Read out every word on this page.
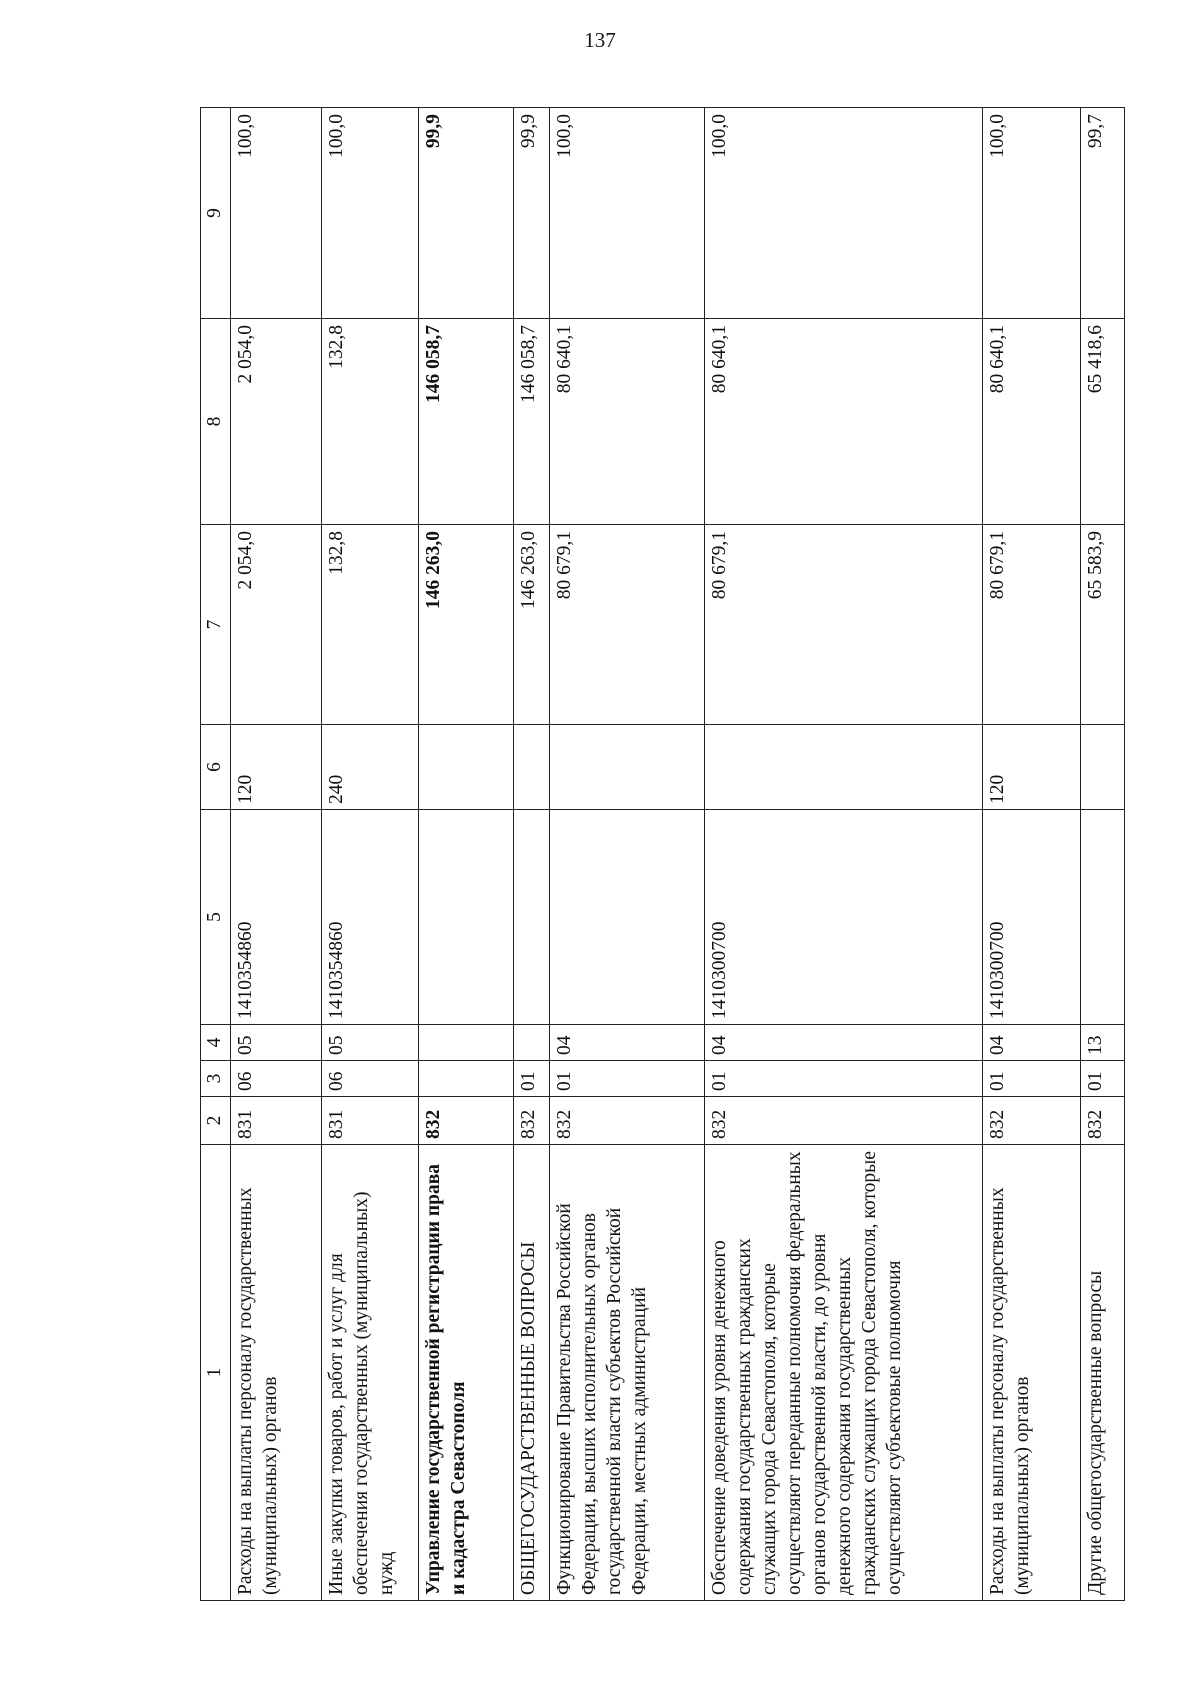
137
1	2	3	4	5	6	7	8	9
Расходы на выплаты персоналу государственных (муниципальных) органов	831	06	05	1410354860	120	2 054,0	2 054,0	100,0
Иные закупки товаров, работ и услуг для обеспечения государственных (муниципальных) нужд	831	06	05	1410354860	240	132,8	132,8	100,0
Управление государственной регистрации права и кадастра Севастополя	832					146 263,0	146 058,7	99,9
ОБЩЕГОСУДАРСТВЕННЫЕ ВОПРОСЫ	832	01				146 263,0	146 058,7	99,9
Функционирование Правительства Российской Федерации, высших исполнительных органов государственной власти субъектов Российской Федерации, местных администраций	832	01	04			80 679,1	80 640,1	100,0
Обеспечение доведения уровня денежного содержания государственных гражданских служащих города Севастополя, которые осуществляют переданные полномочия федеральных органов государственной власти, до уровня денежного содержания государственных гражданских служащих города Севастополя, которые осуществляют субъектовые полномочия	832	01	04	1410300700		80 679,1	80 640,1	100,0
Расходы на выплаты персоналу государственных (муниципальных) органов	832	01	04	1410300700	120	80 679,1	80 640,1	100,0
Другие общегосударственные вопросы	832	01	13			65 583,9	65 418,6	99,7
